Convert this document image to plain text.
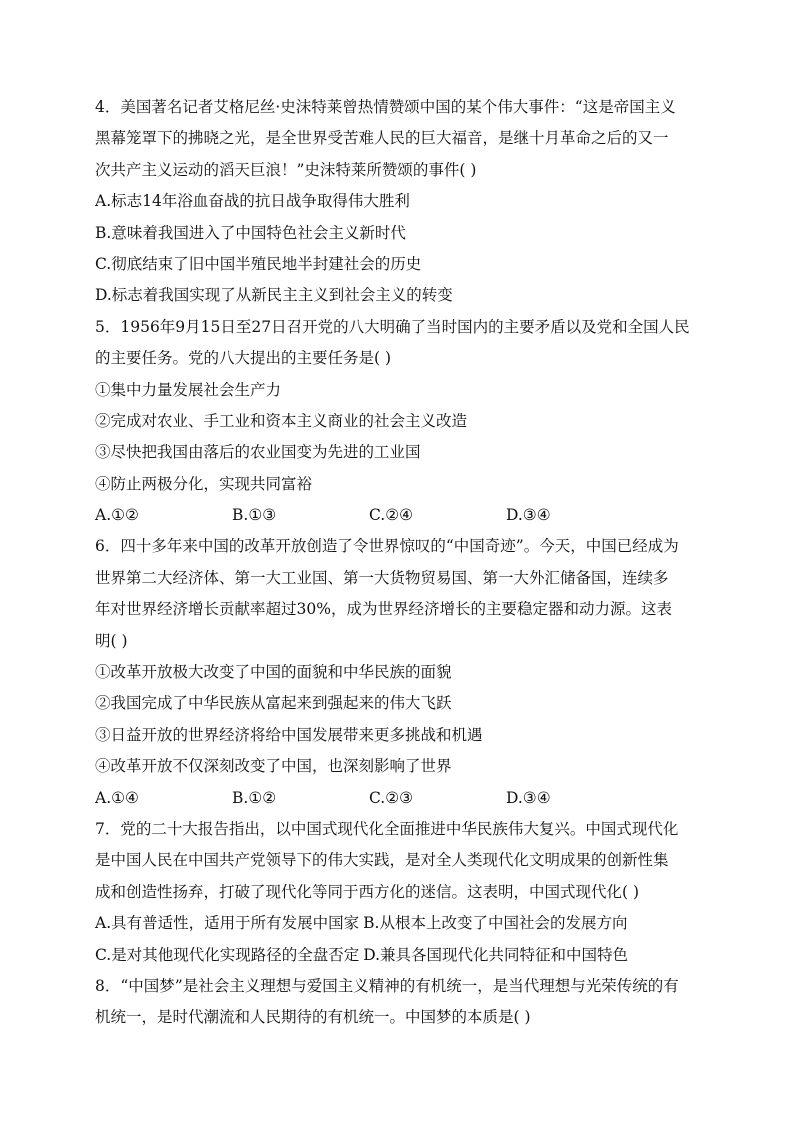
4．美国著名记者艾格尼丝·史沫特莱曾热情赞颂中国的某个伟大事件：“这是帝国主义
黑幕笼罩下的拂晓之光，是全世界受苦难人民的巨大福音，是继十月革命之后的又一
次共产主义运动的滔天巨浪！”史沫特莱所赞颂的事件( )
A.标志14年浴血奋战的抗日战争取得伟大胜利
B.意味着我国进入了中国特色社会主义新时代
C.彻底结束了旧中国半殖民地半封建社会的历史
D.标志着我国实现了从新民主主义到社会主义的转变
5．1956年9月15日至27日召开党的八大明确了当时国内的主要矛盾以及党和全国人民
的主要任务。党的八大提出的主要任务是( )
①集中力量发展社会生产力
②完成对农业、手工业和资本主义商业的社会主义改造
③尽快把我国由落后的农业国变为先进的工业国
④防止两极分化，实现共同富裕
A.①②	B.①③	C.②④	D.③④
6．四十多年来中国的改革开放创造了令世界惊叹的“中国奇迹”。今天，中国已经成为
世界第二大经济体、第一大工业国、第一大货物贸易国、第一大外汇储备国，连续多
年对世界经济增长贡献率超过30%，成为世界经济增长的主要稳定器和动力源。这表
明( )
①改革开放极大改变了中国的面貌和中华民族的面貌
②我国完成了中华民族从富起来到强起来的伟大飞跃
③日益开放的世界经济将给中国发展带来更多挑战和机遇
④改革开放不仅深刻改变了中国，也深刻影响了世界
A.①④	B.①②	C.②③	D.③④
7．党的二十大报告指出，以中国式现代化全面推进中华民族伟大复兴。中国式现代化
是中国人民在中国共产党领导下的伟大实践，是对全人类现代化文明成果的创新性集
成和创造性扬弃，打破了现代化等同于西方化的迷信。这表明，中国式现代化( )
A.具有普适性，适用于所有发展中国家 B.从根本上改变了中国社会的发展方向
C.是对其他现代化实现路径的全盘否定 D.兼具各国现代化共同特征和中国特色
8．“中国梦”是社会主义理想与爱国主义精神的有机统一，是当代理想与光荣传统的有
机统一，是时代潮流和人民期待的有机统一。中国梦的本质是( )
